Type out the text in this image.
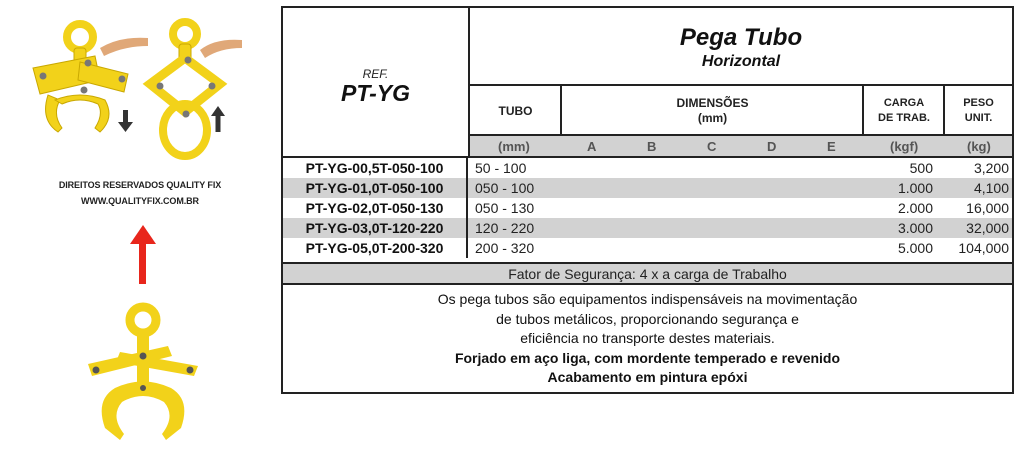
DIREITOS RESERVADOS QUALITY FIX
WWW.QUALITYFIX.COM.BR
REF.
PT-YG
Pega Tubo
Horizontal
TUBO
DIMENSÕES
(mm)
CARGA
DE TRAB.
PESO
UNIT.
(mm)	A	B	C	D	E	(kgf)	(kg)
PT-YG-00,5T-050-100	50 - 100	500	3,200
PT-YG-01,0T-050-100	050 - 100	1.000	4,100
PT-YG-02,0T-050-130	050 - 130	2.000	16,000
PT-YG-03,0T-120-220	120 - 220	3.000	32,000
PT-YG-05,0T-200-320	200 - 320	5.000	104,000
Fator de Segurança: 4 x a carga de Trabalho
Os pega tubos são equipamentos indispensáveis na movimentação
de tubos metálicos, proporcionando segurança e
eficiência no transporte destes materiais.
Forjado em aço liga, com mordente temperado e revenido
Acabamento em pintura epóxi
